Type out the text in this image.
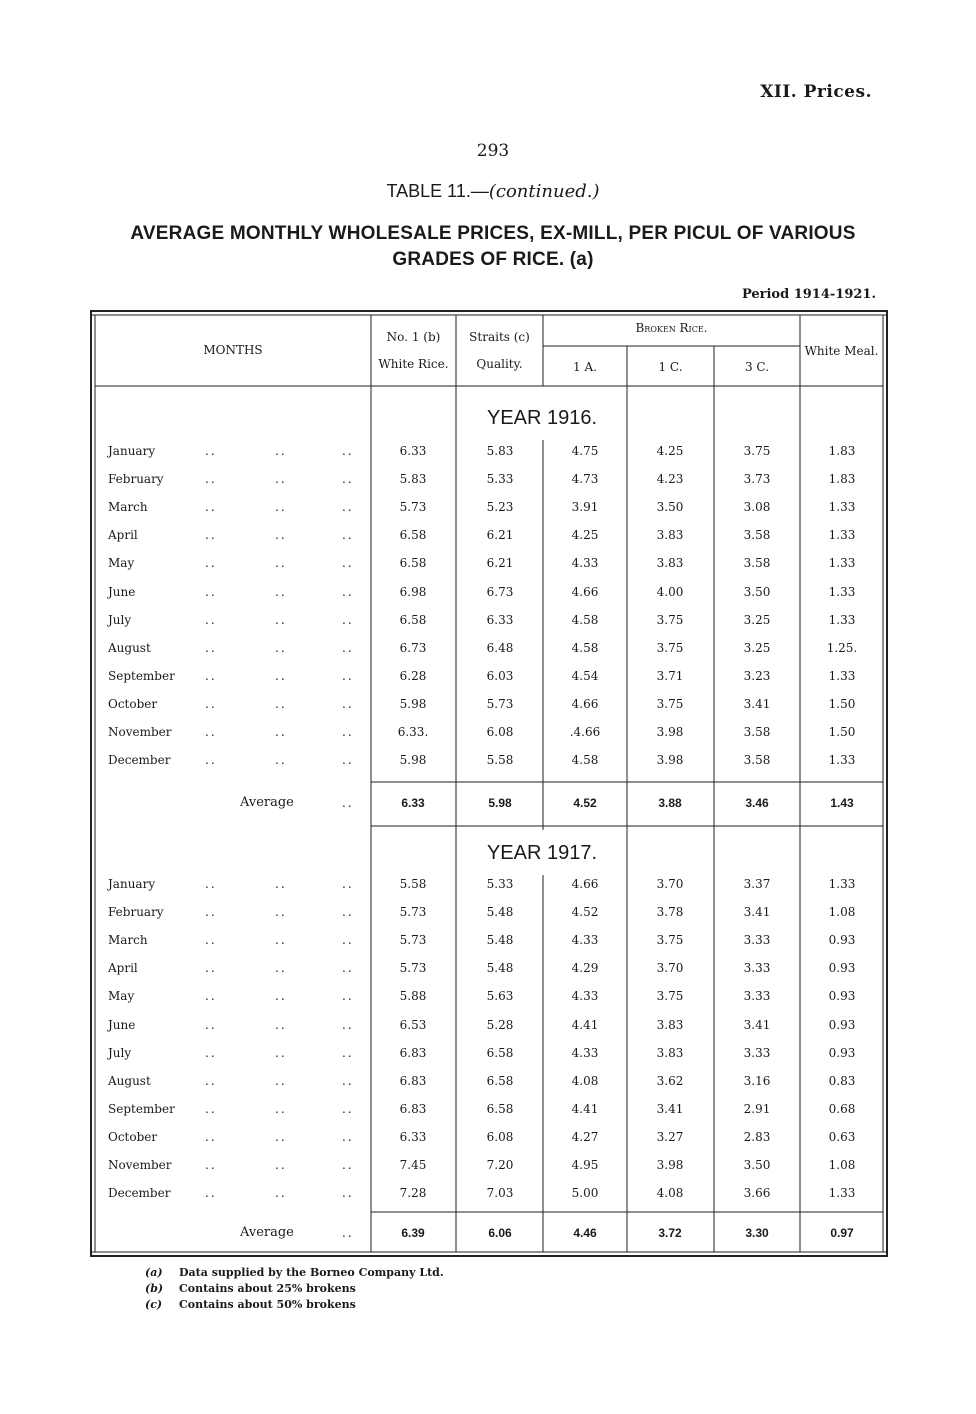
XII. Prices.
293
TABLE 11.—(continued.)
AVERAGE MONTHLY WHOLESALE PRICES, EX-MILL, PER PICUL OF VARIOUS GRADES OF RICE. (a)
Period 1914-1921.
MONTHS
No. 1 (b)
White Rice.
Straits (c)
Quality.
Broken Rice.
1 A.	1 C.	3 C.
White Meal.
YEAR 1916.
YEAR 1917.
January	..	..	..	6.33	5.83	4.75	4.25	3.75	1.83
February	..	..	..	5.83	5.33	4.73	4.23	3.73	1.83
March	..	..	..	5.73	5.23	3.91	3.50	3.08	1.33
April	..	..	..	6.58	6.21	4.25	3.83	3.58	1.33
May	..	..	..	6.58	6.21	4.33	3.83	3.58	1.33
June	..	..	..	6.98	6.73	4.66	4.00	3.50	1.33
July	..	..	..	6.58	6.33	4.58	3.75	3.25	1.33
August	..	..	..	6.73	6.48	4.58	3.75	3.25	1.25.
September	..	..	..	6.28	6.03	4.54	3.71	3.23	1.33
October	..	..	..	5.98	5.73	4.66	3.75	3.41	1.50
November	..	..	..	6.33.	6.08	.4.66	3.98	3.58	1.50
December	..	..	..	5.98	5.58	4.58	3.98	3.58	1.33
Average	..	6.33	5.98	4.52	3.88	3.46	1.43
January	..	..	..	5.58	5.33	4.66	3.70	3.37	1.33
February	..	..	..	5.73	5.48	4.52	3.78	3.41	1.08
March	..	..	..	5.73	5.48	4.33	3.75	3.33	0.93
April	..	..	..	5.73	5.48	4.29	3.70	3.33	0.93
May	..	..	..	5.88	5.63	4.33	3.75	3.33	0.93
June	..	..	..	6.53	5.28	4.41	3.83	3.41	0.93
July	..	..	..	6.83	6.58	4.33	3.83	3.33	0.93
August	..	..	..	6.83	6.58	4.08	3.62	3.16	0.83
September	..	..	..	6.83	6.58	4.41	3.41	2.91	0.68
October	..	..	..	6.33	6.08	4.27	3.27	2.83	0.63
November	..	..	..	7.45	7.20	4.95	3.98	3.50	1.08
December	..	..	..	7.28	7.03	5.00	4.08	3.66	1.33
Average	..	6.39	6.06	4.46	3.72	3.30	0.97
(a) Data supplied by the Borneo Company Ltd.
(b) Contains about 25% brokens
(c) Contains about 50% brokens
